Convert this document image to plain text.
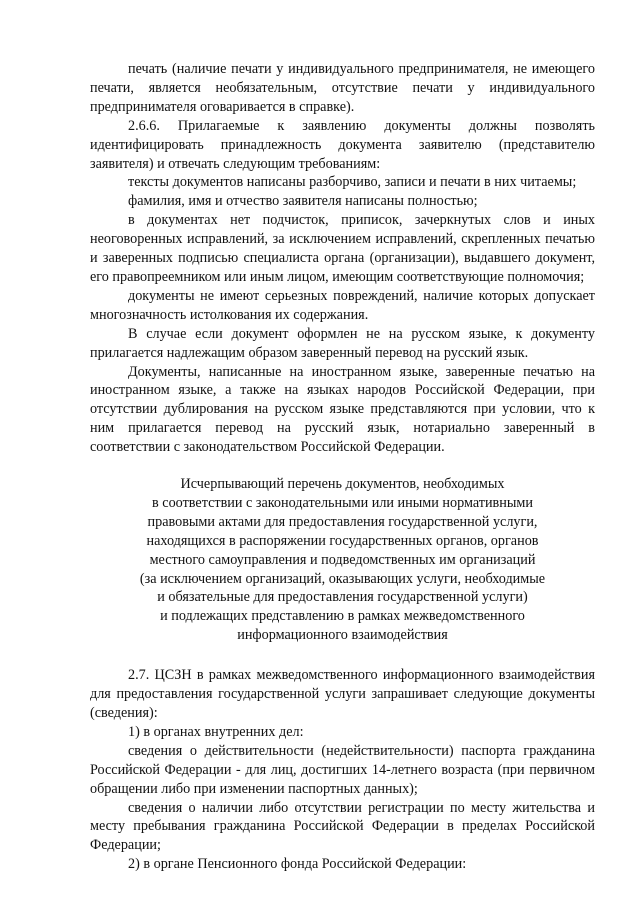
печать (наличие печати у индивидуального предпринимателя, не имеющего печати, является необязательным, отсутствие печати у индивидуального предпринимателя оговаривается в справке).

2.6.6. Прилагаемые к заявлению документы должны позволять идентифицировать принадлежность документа заявителю (представителю заявителя) и отвечать следующим требованиям:

тексты документов написаны разборчиво, записи и печати в них читаемы;

фамилия, имя и отчество заявителя написаны полностью;

в документах нет подчисток, приписок, зачеркнутых слов и иных неоговоренных исправлений, за исключением исправлений, скрепленных печатью и заверенных подписью специалиста органа (организации), выдавшего документ, его правопреемником или иным лицом, имеющим соответствующие полномочия;

документы не имеют серьезных повреждений, наличие которых допускает многозначность истолкования их содержания.

В случае если документ оформлен не на русском языке, к документу прилагается надлежащим образом заверенный перевод на русский язык.

Документы, написанные на иностранном языке, заверенные печатью на иностранном языке, а также на языках народов Российской Федерации, при отсутствии дублирования на русском языке представляются при условии, что к ним прилагается перевод на русский язык, нотариально заверенный в соответствии с законодательством Российской Федерации.

Исчерпывающий перечень документов, необходимых
в соответствии с законодательными или иными нормативными
правовыми актами для предоставления государственной услуги,
находящихся в распоряжении государственных органов, органов
местного самоуправления и подведомственных им организаций
(за исключением организаций, оказывающих услуги, необходимые
и обязательные для предоставления государственной услуги)
и подлежащих представлению в рамках межведомственного
информационного взаимодействия

2.7. ЦСЗН в рамках межведомственного информационного взаимодействия для предоставления государственной услуги запрашивает следующие документы (сведения):

1) в органах внутренних дел:

сведения о действительности (недействительности) паспорта гражданина Российской Федерации - для лиц, достигших 14-летнего возраста (при первичном обращении либо при изменении паспортных данных);

сведения о наличии либо отсутствии регистрации по месту жительства и месту пребывания гражданина Российской Федерации в пределах Российской Федерации;

2) в органе Пенсионного фонда Российской Федерации:
